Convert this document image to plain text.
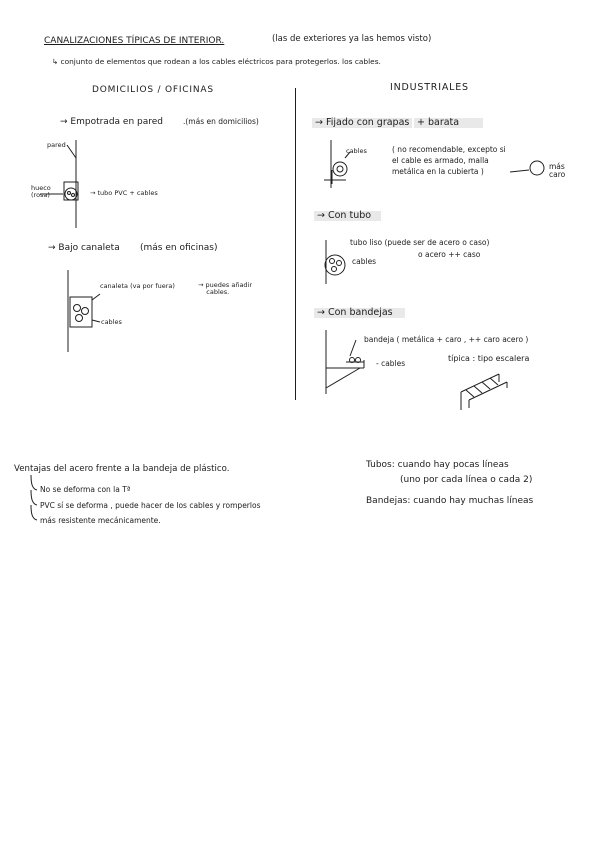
CANALIZACIONES TÍPICAS DE INTERIOR.	(las de exteriores ya las hemos visto)
↳ conjunto de elementos que rodean a los cables eléctricos para protegerlos. los cables.
DOMICILIOS / OFICINAS
→ Empotrada en pared	.(más en domicilios)
pared
hueco
(rosa)	→ tubo PVC + cables
→ Bajo canaleta (más en oficinas)
canaleta (va por fuera)	→ puedes añadir
cables.
cables
INDUSTRIALES
→ Fijado con grapas + barata
cables	( no recomendable, excepto si
el cable es armado, malla
metálica en la cubierta )
más
caro
→ Con tubo
tubo liso (puede ser de acero o caso)
cables
o acero ++ caso
→ Con bandejas
bandeja ( metálica + caro , ++ caro acero )
- cables
típica : tipo escalera
Ventajas del acero frente a la bandeja de plástico.
No se deforma con la Tª
PVC sí se deforma , puede hacer de los cables y romperlos
más resistente mecánicamente.
Tubos: cuando hay pocas líneas
(uno por cada línea o cada 2)
Bandejas: cuando hay muchas líneas
